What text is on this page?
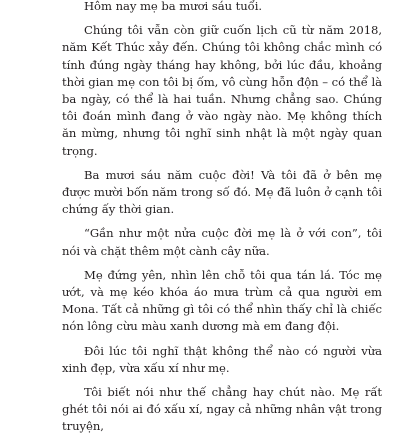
Hôm nay mẹ ba mươi sáu tuổi.

Chúng tôi vẫn còn giữ cuốn lịch cũ từ năm 2018, năm Kết Thúc xảy đến. Chúng tôi không chắc mình có tính đúng ngày tháng hay không, bởi lúc đầu, khoảng thời gian mẹ con tôi bị ốm, vô cùng hỗn độn – có thể là ba ngày, có thể là hai tuần. Nhưng chẳng sao. Chúng tôi đoán mình đang ở vào ngày nào. Mẹ không thích ăn mừng, nhưng tôi nghĩ sinh nhật là một ngày quan trọng.

Ba mươi sáu năm cuộc đời! Và tôi đã ở bên mẹ được mười bốn năm trong số đó. Mẹ đã luôn ở cạnh tôi chứng ấy thời gian.

“Gần như một nửa cuộc đời mẹ là ở với con”, tôi nói và chặt thêm một cành cây nữa.

Mẹ đứng yên, nhìn lên chỗ tôi qua tán lá. Tóc mẹ ướt, và mẹ kéo khóa áo mưa trùm cả qua người em Mona. Tất cả những gì tôi có thể nhìn thấy chỉ là chiếc nón lông cừu màu xanh dương mà em đang đội.

Đôi lúc tôi nghĩ thật không thể nào có người vừa xinh đẹp, vừa xấu xí như mẹ.

Tôi biết nói như thế chẳng hay chút nào. Mẹ rất ghét tôi nói ai đó xấu xí, ngay cả những nhân vật trong truyện,
